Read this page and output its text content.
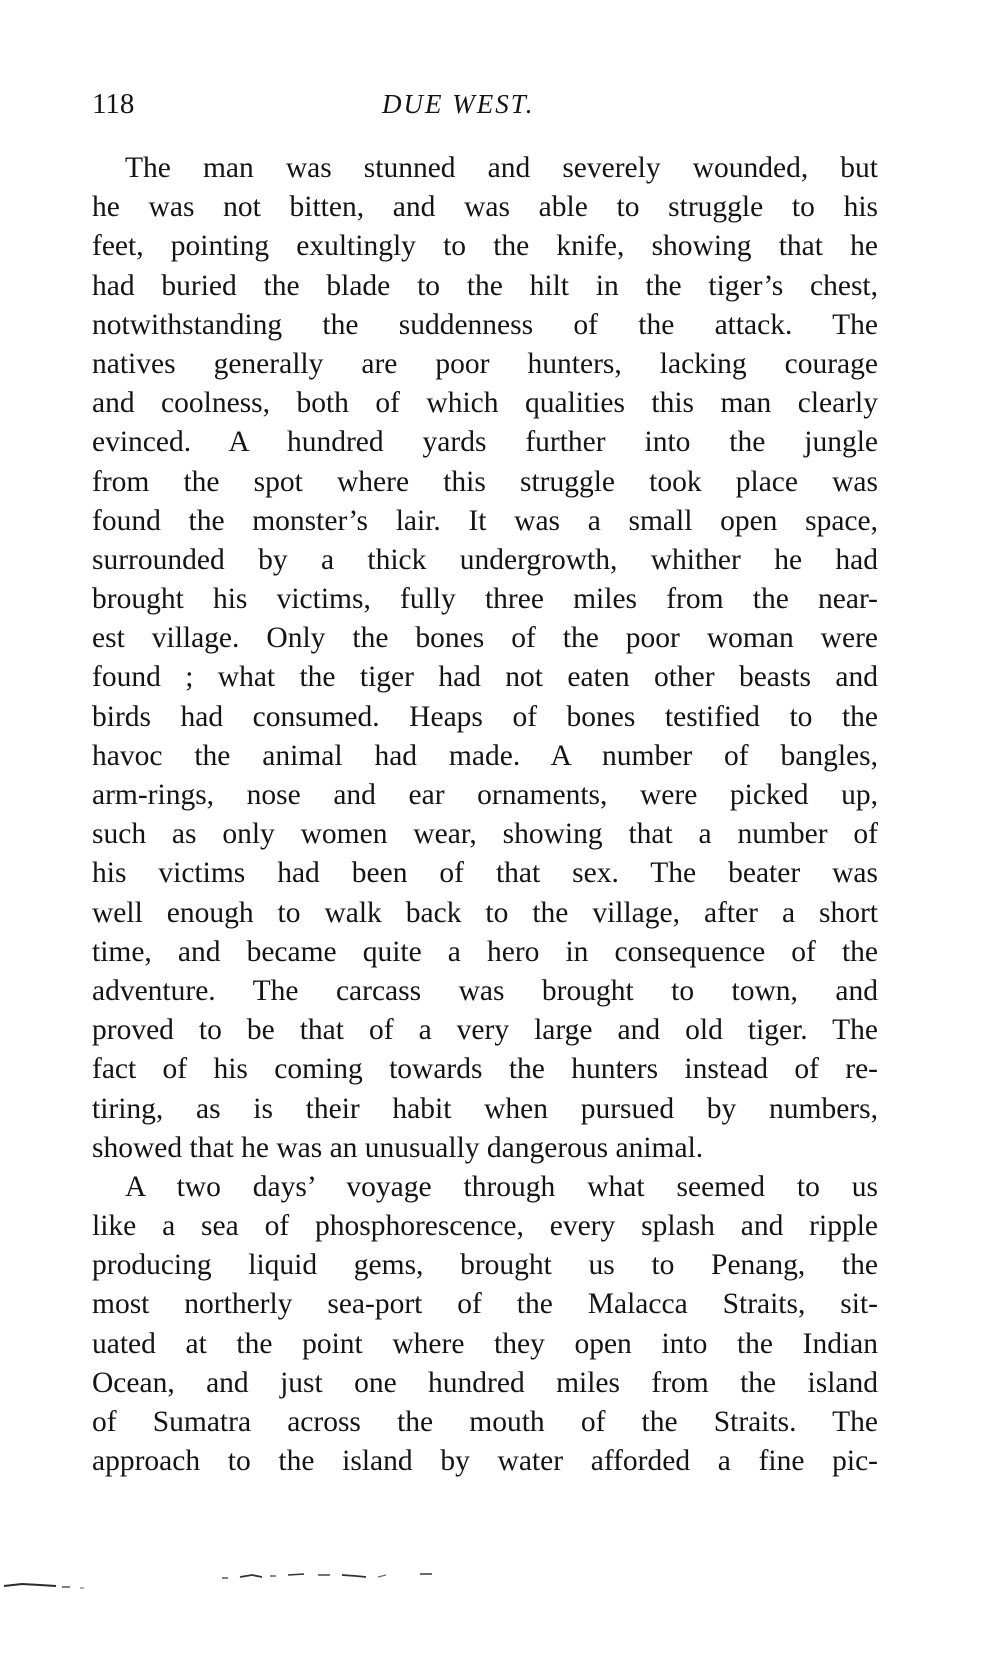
118	DUE WEST.
The man was stunned and severely wounded, but
he was not bitten, and was able to struggle to his
feet, pointing exultingly to the knife, showing that he
had buried the blade to the hilt in the tiger’s chest,
notwithstanding the suddenness of the attack. The
natives generally are poor hunters, lacking courage
and coolness, both of which qualities this man clearly
evinced. A hundred yards further into the jungle
from the spot where this struggle took place was
found the monster’s lair. It was a small open space,
surrounded by a thick undergrowth, whither he had
brought his victims, fully three miles from the near-
est village. Only the bones of the poor woman were
found ; what the tiger had not eaten other beasts and
birds had consumed. Heaps of bones testified to the
havoc the animal had made. A number of bangles,
arm-rings, nose and ear ornaments, were picked up,
such as only women wear, showing that a number of
his victims had been of that sex. The beater was
well enough to walk back to the village, after a short
time, and became quite a hero in consequence of the
adventure. The carcass was brought to town, and
proved to be that of a very large and old tiger. The
fact of his coming towards the hunters instead of re-
tiring, as is their habit when pursued by numbers,
showed that he was an unusually dangerous animal.
A two days’ voyage through what seemed to us
like a sea of phosphorescence, every splash and ripple
producing liquid gems, brought us to Penang, the
most northerly sea-port of the Malacca Straits, sit-
uated at the point where they open into the Indian
Ocean, and just one hundred miles from the island
of Sumatra across the mouth of the Straits. The
approach to the island by water afforded a fine pic-
